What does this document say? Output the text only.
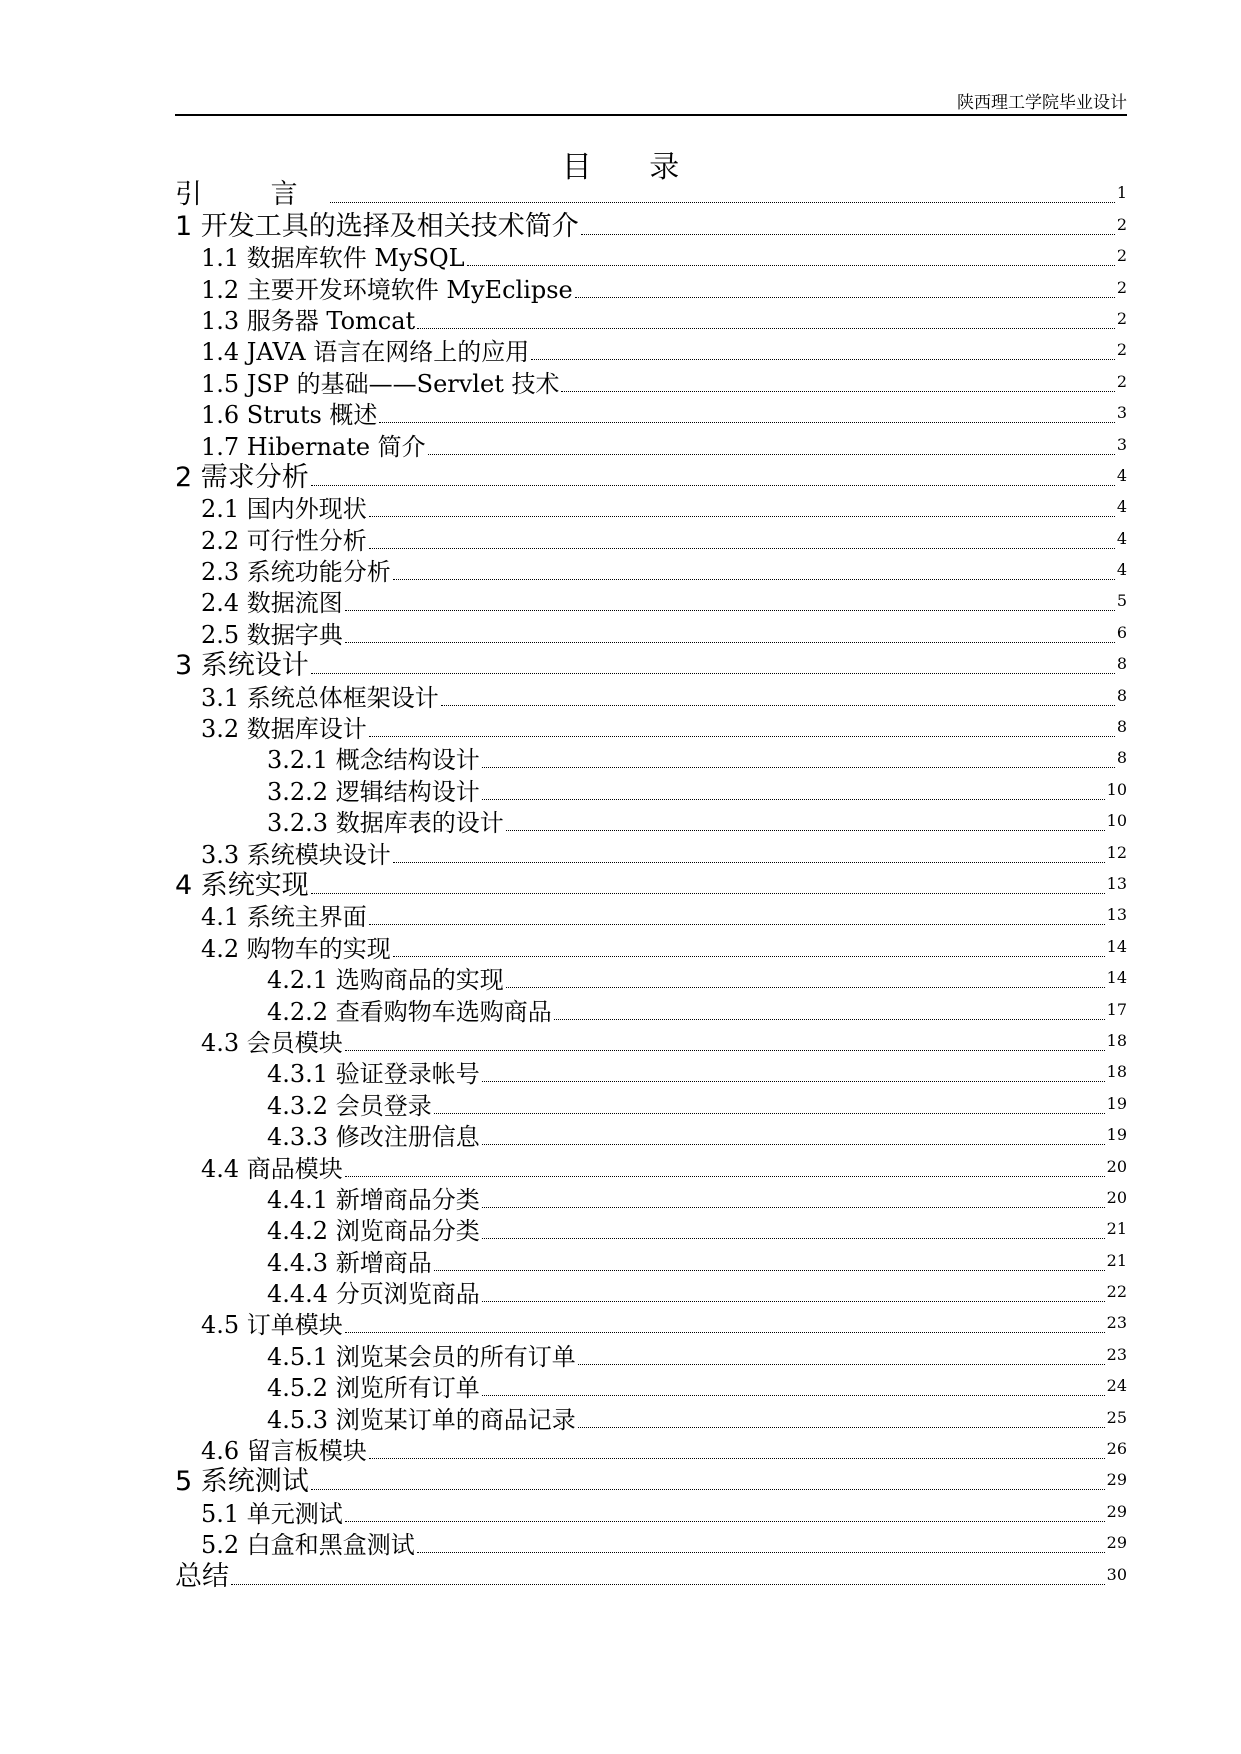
陕西理工学院毕业设计
目 录
引 言	1
1 开发工具的选择及相关技术简介	2
1.1 数据库软件 MySQL	2
1.2 主要开发环境软件 MyEclipse	2
1.3 服务器 Tomcat	2
1.4 JAVA 语言在网络上的应用	2
1.5 JSP 的基础——Servlet 技术	2
1.6 Struts 概述	3
1.7 Hibernate 简介	3
2 需求分析	4
2.1 国内外现状	4
2.2 可行性分析	4
2.3 系统功能分析	4
2.4 数据流图	5
2.5 数据字典	6
3 系统设计	8
3.1 系统总体框架设计	8
3.2 数据库设计	8
3.2.1 概念结构设计	8
3.2.2 逻辑结构设计	10
3.2.3 数据库表的设计	10
3.3 系统模块设计	12
4 系统实现	13
4.1 系统主界面	13
4.2 购物车的实现	14
4.2.1 选购商品的实现	14
4.2.2 查看购物车选购商品	17
4.3 会员模块	18
4.3.1 验证登录帐号	18
4.3.2 会员登录	19
4.3.3 修改注册信息	19
4.4 商品模块	20
4.4.1 新增商品分类	20
4.4.2 浏览商品分类	21
4.4.3 新增商品	21
4.4.4 分页浏览商品	22
4.5 订单模块	23
4.5.1 浏览某会员的所有订单	23
4.5.2 浏览所有订单	24
4.5.3 浏览某订单的商品记录	25
4.6 留言板模块	26
5 系统测试	29
5.1 单元测试	29
5.2 白盒和黑盒测试	29
总结	30
